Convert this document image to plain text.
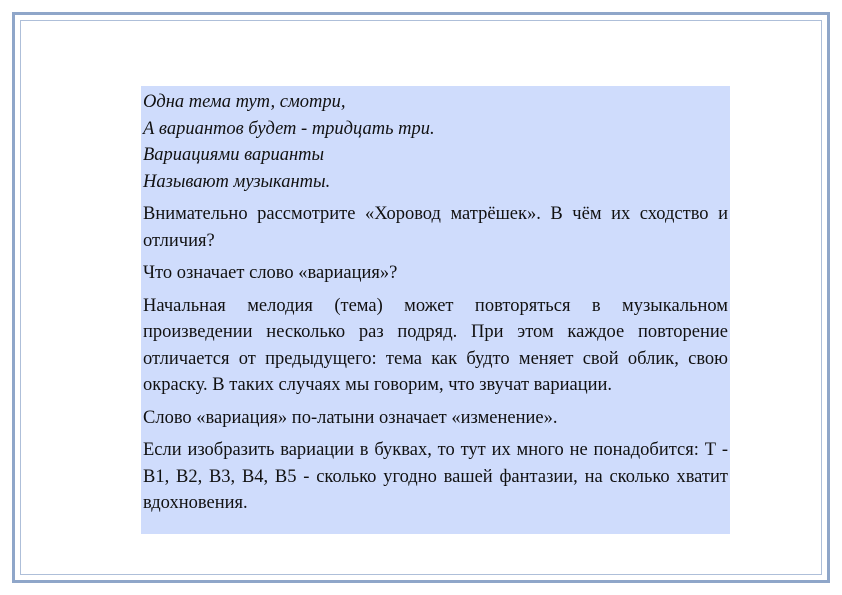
Одна тема тут, смотри,
А вариантов будет - тридцать три.
Вариациями варианты
Называют музыканты.

Внимательно рассмотрите «Хоровод матрёшек». В чём их сходство и отличия?

Что означает слово «вариация»?

Начальная мелодия (тема) может повторяться в музыкальном произведении несколько раз подряд. При этом каждое повторение отличается от предыдущего: тема как будто меняет свой облик, свою окраску. В таких случаях мы говорим, что звучат вариации.

Слово «вариация» по-латыни означает «изменение».

Если изобразить вариации в буквах, то тут их много не понадобится: Т - В1, В2, В3, В4, В5 - сколько угодно вашей фантазии, на сколько хватит вдохновения.
